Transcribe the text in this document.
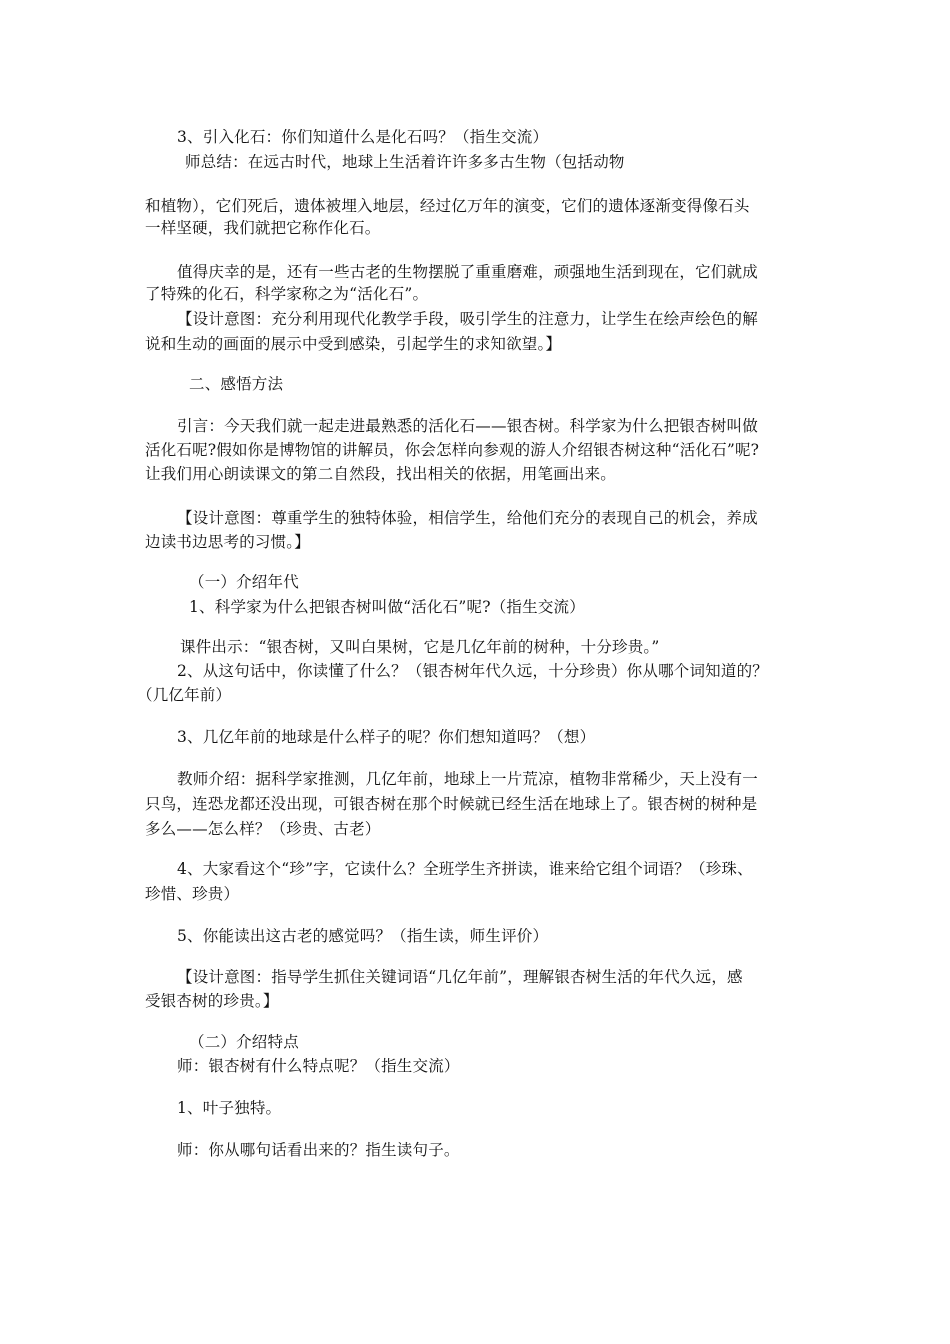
3、引入化石：你们知道什么是化石吗？（指生交流）
师总结：在远古时代，地球上生活着许许多多古生物（包括动物
和植物），它们死后，遗体被埋入地层，经过亿万年的演变，它们的遗体逐渐变得像石头
一样坚硬，我们就把它称作化石。
值得庆幸的是，还有一些古老的生物摆脱了重重磨难，顽强地生活到现在，它们就成
了特殊的化石，科学家称之为“活化石”。
【设计意图：充分利用现代化教学手段，吸引学生的注意力，让学生在绘声绘色的解
说和生动的画面的展示中受到感染，引起学生的求知欲望。】
二、感悟方法
引言：今天我们就一起走进最熟悉的活化石——银杏树。科学家为什么把银杏树叫做
活化石呢?假如你是博物馆的讲解员，你会怎样向参观的游人介绍银杏树这种“活化石”呢?
让我们用心朗读课文的第二自然段，找出相关的依据，用笔画出来。
【设计意图：尊重学生的独特体验，相信学生，给他们充分的表现自己的机会，养成
边读书边思考的习惯。】
（一）介绍年代
1、科学家为什么把银杏树叫做“活化石”呢?（指生交流）
课件出示：“银杏树，又叫白果树，它是几亿年前的树种，十分珍贵。”
2、从这句话中，你读懂了什么？（银杏树年代久远，十分珍贵）你从哪个词知道的？
（几亿年前）
3、几亿年前的地球是什么样子的呢？你们想知道吗？（想）
教师介绍：据科学家推测，几亿年前，地球上一片荒凉，植物非常稀少，天上没有一
只鸟，连恐龙都还没出现，可银杏树在那个时候就已经生活在地球上了。银杏树的树种是
多么——怎么样？（珍贵、古老）
4、大家看这个“珍”字，它读什么？全班学生齐拼读，谁来给它组个词语？（珍珠、
珍惜、珍贵）
5、你能读出这古老的感觉吗？（指生读，师生评价）
【设计意图：指导学生抓住关键词语“几亿年前”，理解银杏树生活的年代久远，感
受银杏树的珍贵。】
（二）介绍特点
师：银杏树有什么特点呢？（指生交流）
1、叶子独特。
师：你从哪句话看出来的？指生读句子。
